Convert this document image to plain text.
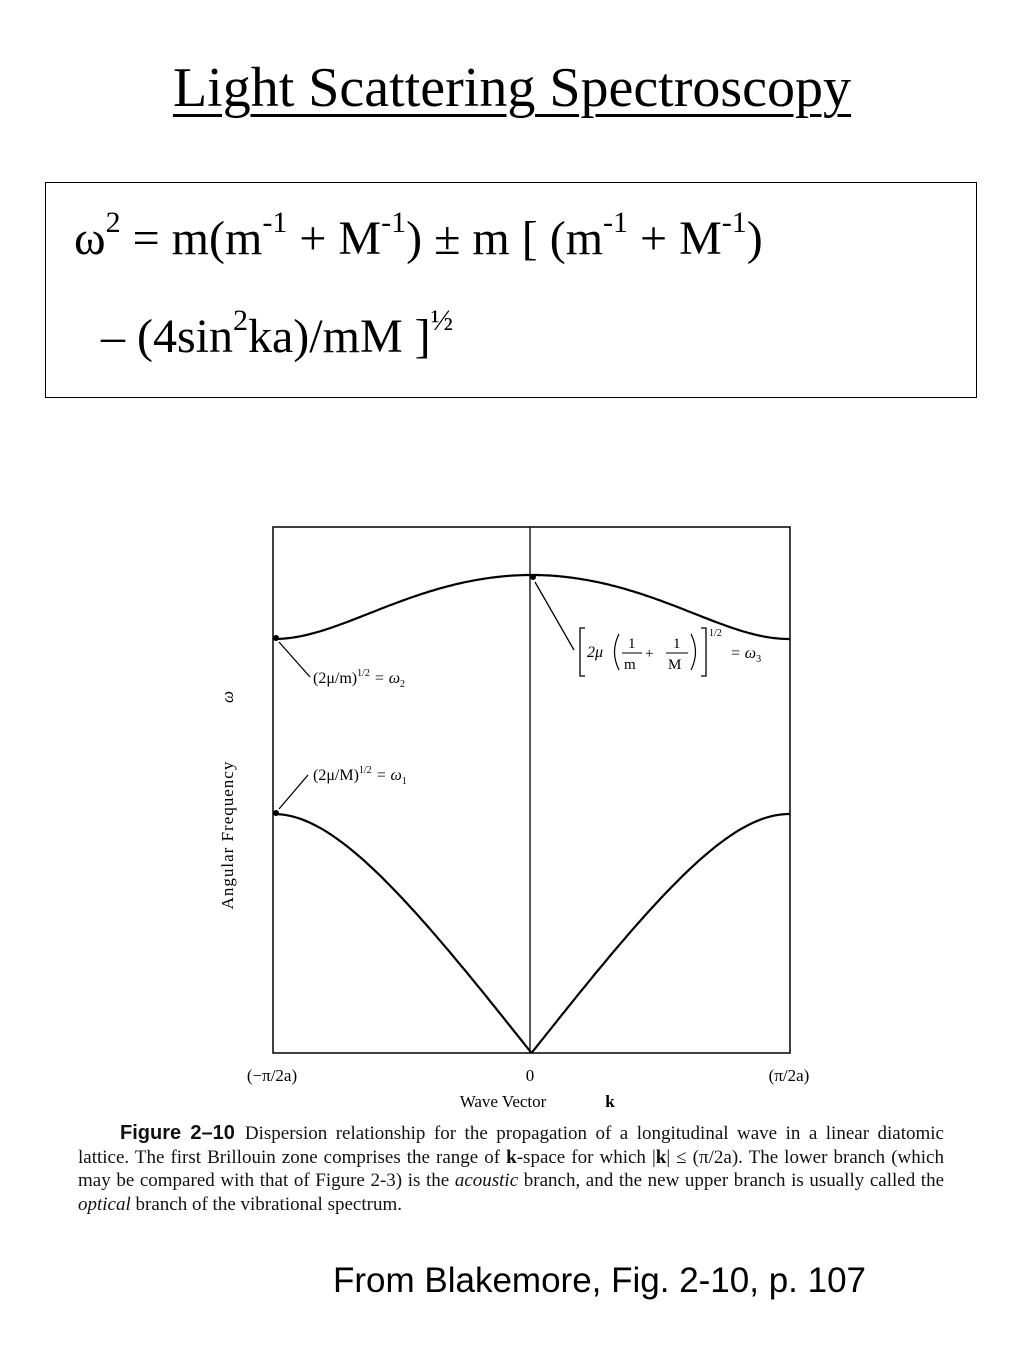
Light Scattering Spectroscopy
$\omega^2 = m(m^{-1} + M^{-1}) \pm m$ [ $(m^{-1} + M^{-1})$
– $(4\sin^2ka)/mM$ ]$^{\frac{1}{2}}$
$(2\mu/m)^{1/2} = \omega_2$
$(2\mu/M)^{1/2} = \omega_1$
2μ 1
m
+
1
M
1/2
= $\omega_3$
(−π/2a)	0	(π/2a)
Wave Vector	k
Angular Frequency
ω
Figure 2–10 Dispersion relationship for the propagation of a longitudinal wave in a linear diatomic lattice. The first Brillouin zone comprises the range of k-space for which |k| ≤ (π/2a). The lower branch (which may be compared with that of Figure 2-3) is the acoustic branch, and the new upper branch is usually called the optical branch of the vibrational spectrum.
From Blakemore, Fig. 2-10, p. 107
